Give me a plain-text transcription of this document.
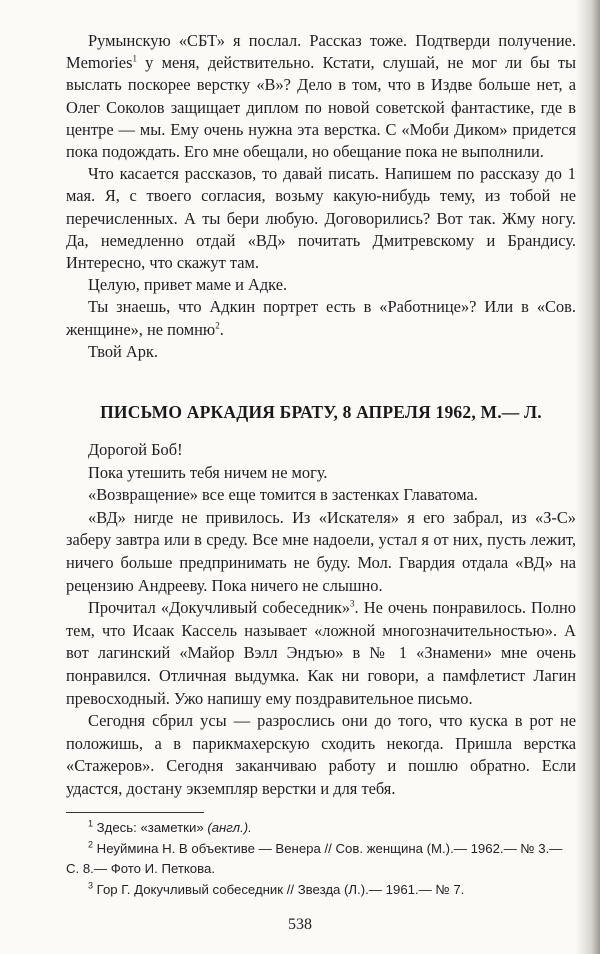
Румынскую «СБТ» я послал. Рассказ тоже. Подтверди получение. Memories$^1$ у меня, действительно. Кстати, слушай, не мог ли бы ты выслать поскорее верстку «В»? Дело в том, что в Издве больше нет, а Олег Соколов защищает диплом по новой советской фантастике, где в центре — мы. Ему очень нужна эта верстка. С «Моби Диком» придется пока подождать. Его мне обещали, но обещание пока не выполнили.

Что касается рассказов, то давай писать. Напишем по рассказу до 1 мая. Я, с твоего согласия, возьму какую-нибудь тему, из тобой не перечисленных. А ты бери любую. Договорились? Вот так. Жму ногу. Да, немедленно отдай «ВД» почитать Дмитревскому и Брандису. Интересно, что скажут там.

Целую, привет маме и Адке.

Ты знаешь, что Адкин портрет есть в «Работнице»? Или в «Сов. женщине», не помню$^2$.

Твой Арк.

ПИСЬМО АРКАДИЯ БРАТУ, 8 АПРЕЛЯ 1962, М.— Л.

Дорогой Боб!

Пока утешить тебя ничем не могу.

«Возвращение» все еще томится в застенках Главатома.

«ВД» нигде не привилось. Из «Искателя» я его забрал, из «З-С» заберу завтра или в среду. Все мне надоели, устал я от них, пусть лежит, ничего больше предпринимать не буду. Мол. Гвардия отдала «ВД» на рецензию Андрееву. Пока ничего не слышно.

Прочитал «Докучливый собеседник»$^3$. Не очень понравилось. Полно тем, что Исаак Кассель называет «ложной многозначительностью». А вот лагинский «Майор Вэлл Эндъю» в № 1 «Знамени» мне очень понравился. Отличная выдумка. Как ни говори, а памфлетист Лагин превосходный. Ужо напишу ему поздравительное письмо.

Сегодня сбрил усы — разрослись они до того, что куска в рот не положишь, а в парикмахерскую сходить некогда. Пришла верстка «Стажеров». Сегодня заканчиваю работу и пошлю обратно. Если удастся, достану экземпляр верстки и для тебя.

$^1$ Здесь: «заметки» (англ.).

$^2$ Неуймина Н. В объективе — Венера // Сов. женщина (М.).— 1962.— № 3.— С. 8.— Фото И. Петкова.

$^3$ Гор Г. Докучливый собеседник // Звезда (Л.).— 1961.— № 7.

538
